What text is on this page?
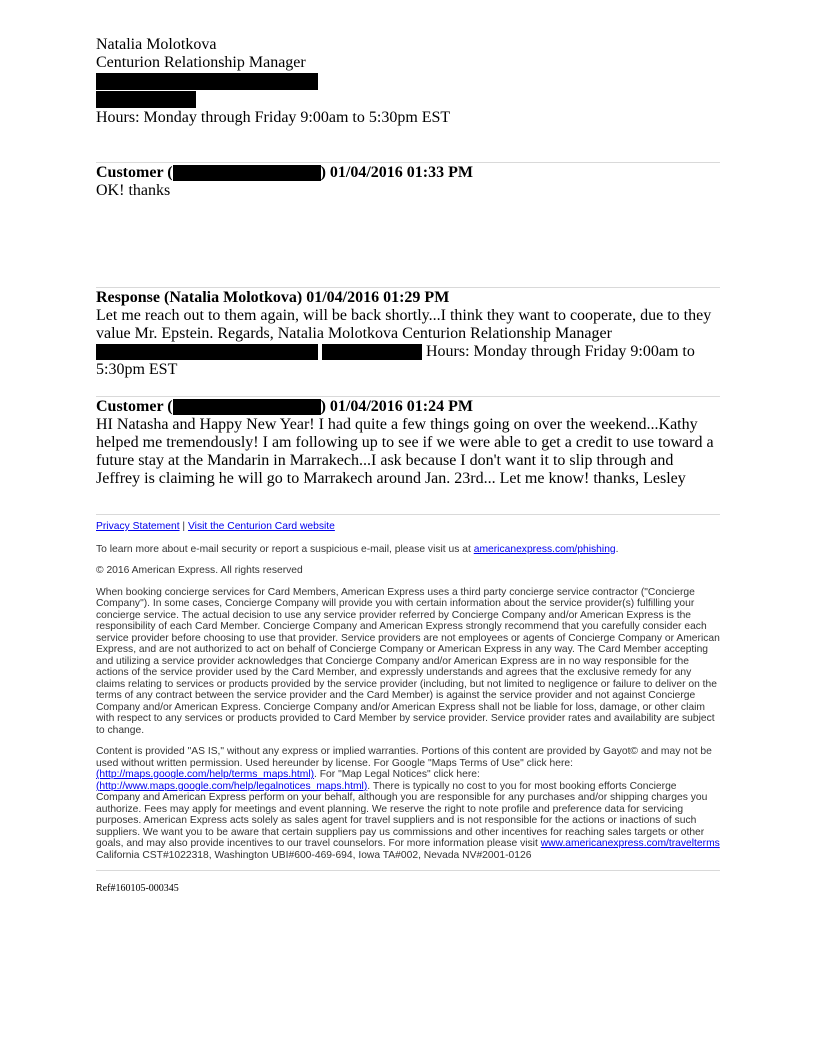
Natalia Molotkova
Centurion Relationship Manager
Hours: Monday through Friday 9:00am to 5:30pm EST
Customer (	) 01/04/2016 01:33 PM
OK! thanks
Response (Natalia Molotkova) 01/04/2016 01:29 PM
Let me reach out to them again, will be back shortly...I think they want to cooperate, due to they value Mr. Epstein. Regards, Natalia Molotkova Centurion Relationship Manager   Hours: Monday through Friday 9:00am to 5:30pm EST
Customer (	) 01/04/2016 01:24 PM
HI Natasha and Happy New Year! I had quite a few things going on over the weekend...Kathy helped me tremendously! I am following up to see if we were able to get a credit to use toward a future stay at the Mandarin in Marrakech...I ask because I don't want it to slip through and Jeffrey is claiming he will go to Marrakech around Jan. 23rd... Let me know! thanks, Lesley
Privacy Statement | Visit the Centurion Card website
To learn more about e-mail security or report a suspicious e-mail, please visit us at americanexpress.com/phishing.
© 2016 American Express. All rights reserved
When booking concierge services for Card Members, American Express uses a third party concierge service contractor ("Concierge Company"). In some cases, Concierge Company will provide you with certain information about the service provider(s) fulfilling your concierge service. The actual decision to use any service provider referred by Concierge Company and/or American Express is the responsibility of each Card Member. Concierge Company and American Express strongly recommend that you carefully consider each service provider before choosing to use that provider. Service providers are not employees or agents of Concierge Company or American Express, and are not authorized to act on behalf of Concierge Company or American Express in any way. The Card Member accepting and utilizing a service provider acknowledges that Concierge Company and/or American Express are in no way responsible for the actions of the service provider used by the Card Member, and expressly understands and agrees that the exclusive remedy for any claims relating to services or products provided by the service provider (including, but not limited to negligence or failure to deliver on the terms of any contract between the service provider and the Card Member) is against the service provider and not against Concierge Company and/or American Express. Concierge Company and/or American Express shall not be liable for loss, damage, or other claim with respect to any services or products provided to Card Member by service provider. Service provider rates and availability are subject to change.
Content is provided "AS IS," without any express or implied warranties. Portions of this content are provided by Gayot© and may not be used without written permission. Used hereunder by license. For Google "Maps Terms of Use" click here: (http://maps.google.com/help/terms_maps.html). For "Map Legal Notices" click here: (http://www.maps.google.com/help/legalnotices_maps.html). There is typically no cost to you for most booking efforts Concierge Company and American Express perform on your behalf, although you are responsible for any purchases and/or shipping charges you authorize. Fees may apply for meetings and event planning. We reserve the right to note profile and preference data for servicing purposes. American Express acts solely as sales agent for travel suppliers and is not responsible for the actions or inactions of such suppliers. We want you to be aware that certain suppliers pay us commissions and other incentives for reaching sales targets or other goals, and may also provide incentives to our travel counselors. For more information please visit www.americanexpress.com/travelterms California CST#1022318, Washington UBI#600-469-694, Iowa TA#002, Nevada NV#2001-0126
Ref#160105-000345
